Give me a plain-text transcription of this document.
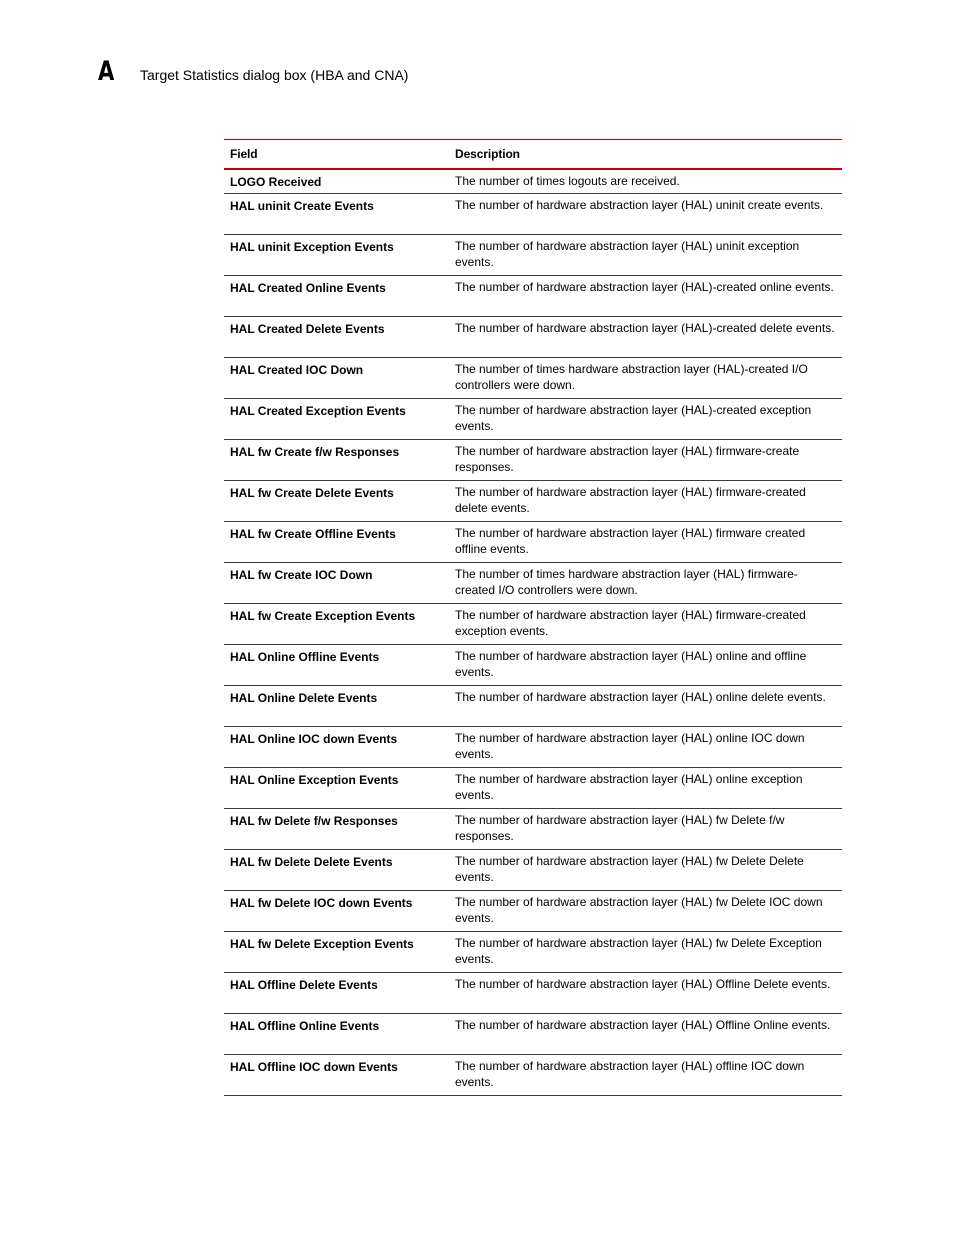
A	Target Statistics dialog box (HBA and CNA)
Field	Description
LOGO Received	The number of times logouts are received.
HAL uninit Create Events	The number of hardware abstraction layer (HAL) uninit create events.
HAL uninit Exception Events	The number of hardware abstraction layer (HAL) uninit exception events.
HAL Created Online Events	The number of hardware abstraction layer (HAL)-created online events.
HAL Created Delete Events	The number of hardware abstraction layer (HAL)-created delete events.
HAL Created IOC Down	The number of times hardware abstraction layer (HAL)-created I/O controllers were down.
HAL Created Exception Events	The number of hardware abstraction layer (HAL)-created exception events.
HAL fw Create f/w Responses	The number of hardware abstraction layer (HAL) firmware-create responses.
HAL fw Create Delete Events	The number of hardware abstraction layer (HAL) firmware-created delete events.
HAL fw Create Offline Events	The number of hardware abstraction layer (HAL) firmware created offline events.
HAL fw Create IOC Down	The number of times hardware abstraction layer (HAL) firmware-created I/O controllers were down.
HAL fw Create Exception Events	The number of hardware abstraction layer (HAL) firmware-created exception events.
HAL Online Offline Events	The number of hardware abstraction layer (HAL) online and offline events.
HAL Online Delete Events	The number of hardware abstraction layer (HAL) online delete events.
HAL Online IOC down Events	The number of hardware abstraction layer (HAL) online IOC down events.
HAL Online Exception Events	The number of hardware abstraction layer (HAL) online exception events.
HAL fw Delete f/w Responses	The number of hardware abstraction layer (HAL) fw Delete f/w responses.
HAL fw Delete Delete Events	The number of hardware abstraction layer (HAL) fw Delete Delete events.
HAL fw Delete IOC down Events	The number of hardware abstraction layer (HAL) fw Delete IOC down events.
HAL fw Delete Exception Events	The number of hardware abstraction layer (HAL) fw Delete Exception events.
HAL Offline Delete Events	The number of hardware abstraction layer (HAL) Offline Delete events.
HAL Offline Online Events	The number of hardware abstraction layer (HAL) Offline Online events.
HAL Offline IOC down Events	The number of hardware abstraction layer (HAL) offline IOC down events.
